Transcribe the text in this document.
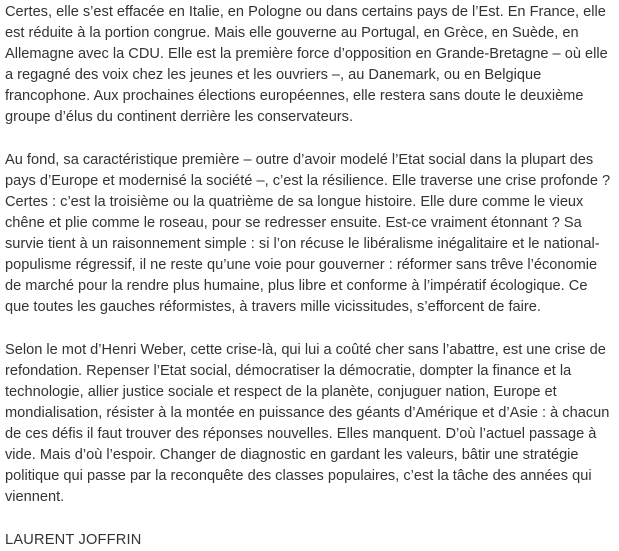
Certes, elle s’est effacée en Italie, en Pologne ou dans certains pays de l’Est. En France, elle est réduite à la portion congrue. Mais elle gouverne au Portugal, en Grèce, en Suède, en Allemagne avec la CDU. Elle est la première force d’opposition en Grande-Bretagne – où elle a regagné des voix chez les jeunes et les ouvriers –, au Danemark, ou en Belgique francophone. Aux prochaines élections européennes, elle restera sans doute le deuxième groupe d’élus du continent derrière les conservateurs.

Au fond, sa caractéristique première – outre d’avoir modelé l’Etat social dans la plupart des pays d’Europe et modernisé la société –, c’est la résilience. Elle traverse une crise profonde ? Certes : c’est la troisième ou la quatrième de sa longue histoire. Elle dure comme le vieux chêne et plie comme le roseau, pour se redresser ensuite. Est-ce vraiment étonnant ? Sa survie tient à un raisonnement simple : si l’on récuse le libéralisme inégalitaire et le national-populisme régressif, il ne reste qu’une voie pour gouverner : réformer sans trêve l’économie de marché pour la rendre plus humaine, plus libre et conforme à l’impératif écologique. Ce que toutes les gauches réformistes, à travers mille vicissitudes, s’efforcent de faire.

Selon le mot d’Henri Weber, cette crise-là, qui lui a coûté cher sans l’abattre, est une crise de refondation. Repenser l’Etat social, démocratiser la démocratie, dompter la finance et la technologie, allier justice sociale et respect de la planète, conjuguer nation, Europe et mondialisation, résister à la montée en puissance des géants d’Amérique et d’Asie : à chacun de ces défis il faut trouver des réponses nouvelles. Elles manquent. D’où l’actuel passage à vide. Mais d’où l’espoir. Changer de diagnostic en gardant les valeurs, bâtir une stratégie politique qui passe par la reconquête des classes populaires, c’est la tâche des années qui viennent.

LAURENT JOFFRIN
